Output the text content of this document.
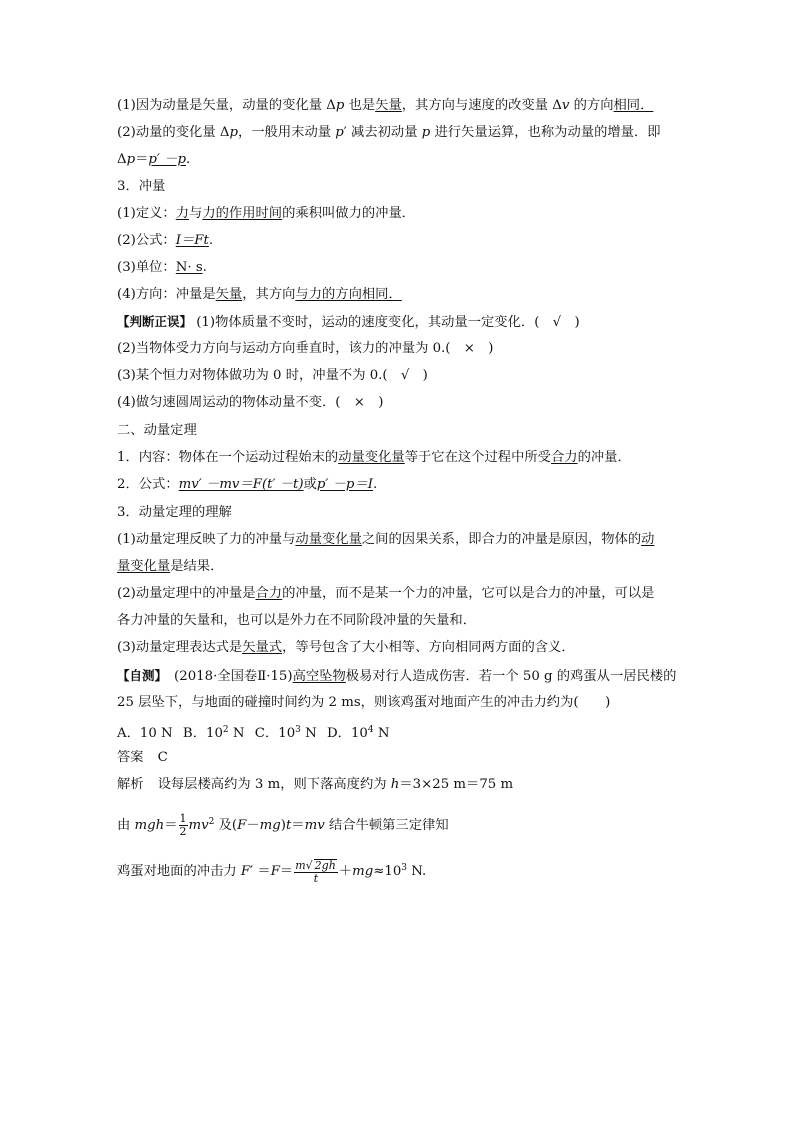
(1)因为动量是矢量，动量的变化量 Δp 也是矢量，其方向与速度的改变量 Δv 的方向相同．
(2)动量的变化量 Δp，一般用末动量 p′ 减去初动量 p 进行矢量运算，也称为动量的增量．即
Δp＝p′ －p.
3．冲量
(1)定义：力与力的作用时间的乘积叫做力的冲量．
(2)公式：I＝Ft.
(3)单位：N· s.
(4)方向：冲量是矢量，其方向与力的方向相同．
【判断正误】 (1)物体质量不变时，运动的速度变化，其动量一定变化．(　√　)
(2)当物体受力方向与运动方向垂直时，该力的冲量为 0.(　×　)
(3)某个恒力对物体做功为 0 时，冲量不为 0.(　√　)
(4)做匀速圆周运动的物体动量不变．(　×　)
二、动量定理
1．内容：物体在一个运动过程始末的动量变化量等于它在这个过程中所受合力的冲量．
2．公式：mv′ －mv＝F(t′ －t)或p′ －p＝I.
3．动量定理的理解
(1)动量定理反映了力的冲量与动量变化量之间的因果关系，即合力的冲量是原因，物体的动
量变化量是结果．
(2)动量定理中的冲量是合力的冲量，而不是某一个力的冲量，它可以是合力的冲量，可以是
各力冲量的矢量和，也可以是外力在不同阶段冲量的矢量和．
(3)动量定理表达式是矢量式，等号包含了大小相等、方向相同两方面的含义．
【自测】　(2018·全国卷Ⅱ·15)高空坠物极易对行人造成伤害．若一个 50 g 的鸡蛋从一居民楼的
25 层坠下，与地面的碰撞时间约为 2 ms，则该鸡蛋对地面产生的冲击力约为(　　)
A．10 N B．$10^2$ N C．$10^3$ N D．$10^4$ N
答案 C
解析 设每层楼高约为 3 m，则下落高度约为 h＝3×25 m＝75 m
由 $mgh= \frac{1}{2} mv^2$ 及(F－mg)t＝mv 结合牛顿第三定律知
鸡蛋对地面的冲击力 $F' =F= \frac{m√ 2gh}{t} +mg\approx 10^3$ N.
